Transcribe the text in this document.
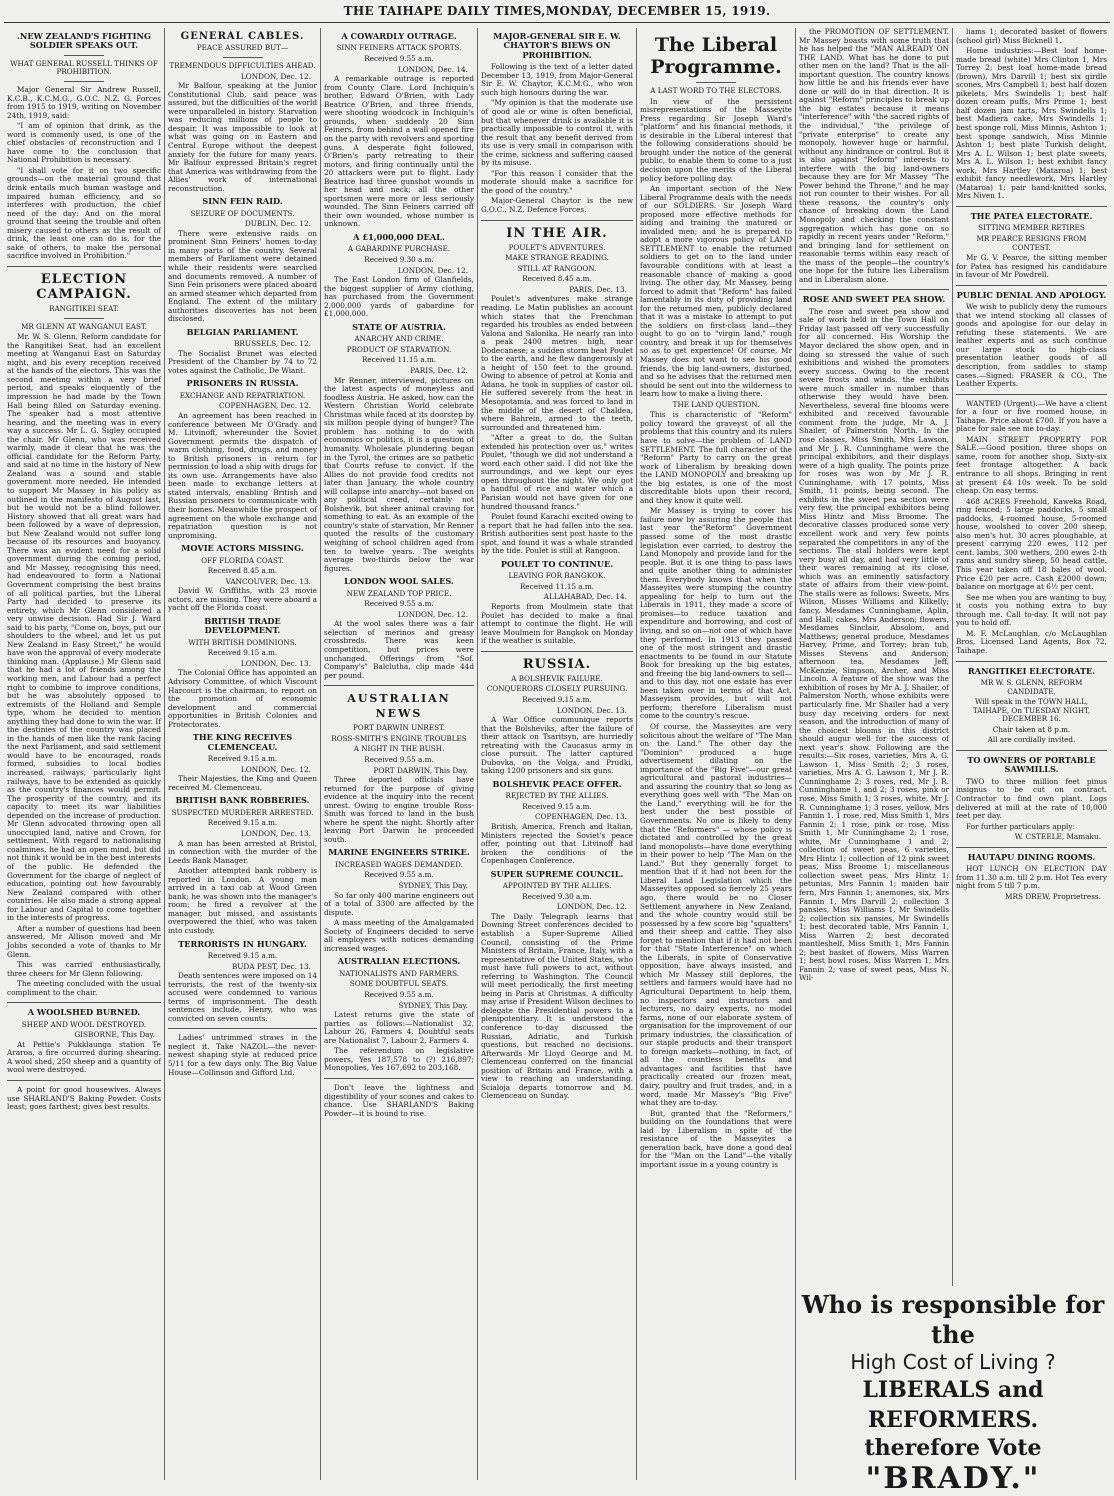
THE TAIHAPE DAILY TIMES,MONDAY, DECEMBER 15, 1919.
.NEW ZEALAND'S FIGHTING SOLDIER SPEAKS OUT.
WHAT GENERAL RUSSELL THINKS OF PROHIBITION.

Major General Sir Andrew Russell, K.C.B., K.C.M.G., G.O.C. N.Z. G. Forces from 1915 to 1919, writing on November 24th, 1919, said:

"I am of opinion that drink, as the word is commonly used, is one of the chief obstacles of reconstruction and I have come to the conclusion that National Prohibition is necessary.

"I shall vote for it on two specific grounds—on the material ground that drink entails much human wastage and impaired human efficiency, and so interferes with production, the chief need of the day: And on the moral ground that seeing the trouble and often misery caused to others as the result of drink, the least one can do is, for the sake of others, to make the personal sacrifice involved in Prohibition."

ELECTION CAMPAIGN.
RANGITIKEI SEAT.
MR GLENN AT WANGANUI EAST.

Mr. W. S. Glenn, Reform candidate for the Rangitikei Seat, had an excellent meeting at Wanganui East on Saturday night, and his every reception received at the hands of the electors. This was the second meeting within a very brief period, and speaks eloquently of the impression he had made by the Town Hall being filled on Saturday evening. The speaker had a most attentive hearing, and the meeting was in every way a success. Mr L. G. Sigley occupied the chair. Mr Glenn, who was received warmly, made it clear that he was the official candidate for the Reform Party, and said at no time in the history of New Zealand was a sound and stable government more needed. He intended to support Mr Massey in his policy as outlined in the manifesto of August last, but he would not be a blind follower. History showed that all great wars had been followed by a wave of depression, but New Zealand would not suffer long because of its resources and buoyancy. There was an evident need for a solid government during the coming period, and Mr Massey, recognising this need, had endeavoured to form a National Government comprising the best brains of all political parties, but the Liberal Party had decided to preserve its entirety, which Mr Glenn considered a very unwise decision. Had Sir J. Ward said to his party, "Come on, boys, put our shoulders to the wheel, and let us put New Zealand in Easy Street," he would have won the approval of every moderate thinking man. (Applause.) Mr Glenn said that he had a lot of friends among the working men, and Labour had a perfect right to combine to improve conditions, but he was absolutely opposed to extremists of the Holland and Semple type, whom he decided to mention anything they had done to win the war. If the destinies of the country was placed in the hands of men like the rank facing the next Parliament, and said settlement would have to be encouraged, roads formed, subsidies to local bodies increased, railways, particularly light railways, have to be extended as quickly as the country's finances would permit. The prosperity of the country, and its capacity to meet its war liabilities depended on the increase of production. Mr Glenn advocated throwing open all unoccupied land, native and Crown, for settlement. With regard to nationalising coalmines, he had an open mind, but did not think it would be in the best interests of the public. He defended the Government for the charge of neglect of education, pointing out how favourably New Zealand compared with other countries. He also made a strong appeal for Labour and Capital to come together in the interests of progress.

After a number of questions had been answered, Mr Allison moved and Mr Jobbs seconded a vote of thanks to Mr Glenn.

This was carried enthusiastically, three cheers for Mr Glenn following.

The meeting concluded with the usual compliment to the chair.

A WOOLSHED BURNED.
SHEEP AND WOOL DESTROYED.
GISBORNE, This Day.

At Pettie's Pukklaunga station Te Araroa, a fire occurred during shearing. A wool shed, 250 sheep and a quantity of wool were destroyed.

A point for good housewives. Always use SHARLAND'S Baking Powder. Costs least; goes farthest; gives best results.

GENERAL CABLES.
PEACE ASSURED BUT—
TREMENDOUS DIFFICULTIES AHEAD.
LONDON, Dec. 12.

Mr Balfour, speaking at the Junior Constitutional Club, said peace was assured, but the difficulties of the world were unparalleled in history. Starvation was reducing millions of people to despair. It was impossible to look at what was going on in Eastern and Central Europe without the deepest anxiety for the future for many years. Mr Balfour expressed Britain's regret that America was withdrawing from the Allies' work of international reconstruction.

SINN FEIN RAID.
SEIZURE OF DOCUMENTS.
DUBLIN, Dec. 12.

There were extensive raids on prominent Sinn Feiners' homes to-day in many parts of the country. Several members of Parliament were detained while their residents were searched and documents removed. A number of Sinn Fein prisoners were placed aboard an armed steamer which departed from England. The extent of the military authorities discoveries has not been disclosed.

BELGIAN PARLIAMENT.
BRUSSELS, Dec. 12.

The Socialist Brunet was elected President of the Chamber by 74 to 72 votes against the Catholic, De Wiant.

PRISONERS IN RUSSIA.
EXCHANGE AND REPATRIATION.
COPENHAGEN, Dec. 12.

An agreement has been reached in conference between Mr O'Grady and M. Litvinoff, whereunder the Soviet Government permits the dispatch of warm clothing, food, drugs, and money to British prisoners in return for permission to load a ship with drugs for its own use. Arrangements have also been made to exchange letters at stated intervals, enabling British and Russian prisoners to communicate with their homes. Meanwhile the prospect of agreement on the whole exchange and repatriation question is not unpromising.

MOVIE ACTORS MISSING.
OFF FLORIDA COAST.
Received 8.45 a.m.
VANCOUVER, Dec. 13.

David W. Griffiths, with 23 movie actors, are missing. They were aboard a yacht off the Florida coast.

BRITISH TRADE DEVELOPMENT.
WITH BRITISH DOMINIONS.
Received 9.15 a.m.
LONDON, Dec. 13.

The Colonial Office has appointed an Advisory Committee, of which Viscount Harcourt is the chairman, to report on the promotion of economic development and commercial opportunities in British Colonies and Protectorates.

THE KING RECEIVES CLEMENCEAU.
Received 9.15 a.m.
LONDON, Dec. 12.

Their Majesties, the King and Queen received M. Clemenceau.

BRITISH BANK ROBBERIES.
SUSPECTED MURDERER ARRESTED.
Received 9.15 a.m.
LONDON, Dec. 13.

A man has been arrested at Bristol, in connection with the murder of the Leeds Bank Manager.

Another attempted bank robbery is reported in London. A young man arrived in a taxi cab at Wood Green bank; he was shown into the manager's room; he fired a revolver at the manager, but missed, and assistants overpowered the thief, who was taken into custody.

TERRORISTS IN HUNGARY.
Received 9.15 a.m.
BUDA PEST, Dec. 13.

Death sentences were imposed on 14 terrorists, the rest of the twenty-six accused were condemned to various terms of imprisonment. The death sentences include, Henry, who was convicted on seven counts.

Ladies' untrimmed straws in the neglect it. Take NAZOL—the never-newest shaping style at reduced price 5/11 for a few days only. The Big Value House—Collinson and Gifford Ltd.

A COWARDLY OUTRAGE.
SINN FEINERS ATTACK SPORTS.
Received 9.55 a.m.
LONDON, Dec. 14.

A remarkable outrage is reported from County Clare. Lord Inchiquin's brother, Edward O'Brien, with Lady Beatrice O'Brien, and three friends, were shooting woodcock in Inchiquin's grounds, when suddenly 20 Sinn Feiners, from behind a wall opened fire on the party with revolvers and sporting guns. A desperate fight followed, O'Brien's party retreating to their motors, and firing continually until the 20 attackers were put to flight. Lady Beatrice had three gunshot wounds in her head and neck; all the other sportsmen were more or less seriously wounded. The Sinn Feiners carried off their own wounded, whose number is unknown.

A £1,000,000 DEAL.
A GABARDINE PURCHASE.
Received 9.30 a.m.
LONDON, Dec. 12.

The East London firm of Glanfields, the biggest supplier of Army clothing, has purchased from the Government 2,000,000 yards of gabardine for £1,000,000.

STATE OF AUSTRIA.
ANARCHY AND CRIME.
PRODUCT OF STARVATION.
Received 11.15 a.m.
PARIS, Dec. 12.

Mr Renner, interviewed, pictures on the latest aspects of moneyless and foodless Austria. He asked, how can the Western Christian World celebrate Christmas while faced at its doorstep by six million people dying of hunger? The problem has nothing to do with economics or politics, it is a question of humanity. Wholesale plundering began in the Tyrol, the crimes are so pathetic that Courts refuse to convict. If the Allies do not provide food credits not later than January, the whole country will collapse into anarchy—not based on any political creed, certainly not Bolshevik, but sheer animal craving for something to eat. As an example of the country's state of starvation, Mr Renner quoted the results of the customary weighing of school children aged from ten to twelve years. The weights average two-thirds below the war figures.

LONDON WOOL SALES.
NEW ZEALAND TOP PRICE.
Received 9.55 a.m.
LONDON, Dec. 12.

At the wool sales there was a fair selection of merinos and greasy crossbreds. There was keen competition, but prices were unchanged. Offerings from "Sof. Company's" Balclutha, clip made 44d per pound.

AUSTRALIAN NEWS
PORT DARWIN UNREST.
ROSS-SMITH'S ENGINE TROUBLES
A NIGHT IN THE BUSH.
Received 9.55 a.m.
PORT DARWIN, This Day.

Three deported officials have returned for the purpose of giving evidence at the inquiry into the recent unrest. Owing to engine trouble Ross-Smith was forced to land in the bush where he spent the night. Shortly after leaving Port Darwin he proceeded south.

MARINE ENGINEERS STRIKE.
INCREASED WAGES DEMANDED.
Received 9.55 a.m.
SYDNEY, This Day.

So far only 400 marine engineers out of a total of 3300 are affected by the dispute.

A mass meeting of the Amalgamated Society of Engineers decided to serve all employers with notices demanding increased wages.

AUSTRALIAN ELECTIONS.
NATIONALISTS AND FARMERS.
SOME DOUBTFUL SEATS.
Received 9.55 a.m.
SYDNEY, This Day.

Latest returns give the state of parties as follows:—Nationalist 32, Labour 26, Farmers 4. Doubtful seats are Nationalist 7, Labour 2, Farmers 4.

The referendum on legislative powers, Yes 187,578 to (?) 216,897; Monopolies, Yes 167,692 to 203,168.

Don't leave the lightness and digestibility of your scones and cakes to chance. Use SHARLAND'S Baking Powder—it is bound to rise.

MAJOR-GENERAL SIR E. W. CHAYTOR'S BIEWS ON PROHIBITION.

Following is the text of a letter dated December 13, 1919, from Major-General Sir E. W. Chaytor, K.C.M.G., who won such high honours during the war.

"My opinion is that the moderate use of good ale or wine is often beneficial, but that whenever drink is available it is practically impossible to control it, with the result that any benefit derived from its use is very small in comparison with the crime, sickness and suffering caused by its misuse.

"For this reason I consider that the moderate should make a sacrifice for the good of the country."

Major-General Chaytor is the new G.O.C., N.Z. Defence Forces.

IN THE AIR.
POULET'S ADVENTURES.
MAKE STRANGE READING.
STILL AT RANGOON.
Received 8.45 a.m.
PARIS, Dec. 13.

Poulet's adventures make strange reading. Le Matin publishes an account which states that the Frenchman regarded his troubles as ended between Valona and Salonika. He nearly ran into a peak 2400 metres high, near Dodecanese; a sudden storm beat Poulet to the earth, and he flew dangerously at a height of 150 feet to the ground. Owing to absence of petrol at Konia and Adana, he took in supplies of castor oil. He suffered severely from the heat in Mesopotamia, and was forced to land in the middle of the desert of Chaldea, where Bahrein, armed to the teeth, surrounded and threatened him.

"After a great to do, the Sultan extended his protection over us," writes Poulet, "though we did not understand a word each other said. I did not like the surroundings, and we kept our eyes open throughout the night. We only got a handful of rice and water which a Parisian would not have given for one hundred thousand francs."

Poulet found Karachi excited owing to a report that he had fallen into the sea. British authorities sent post haste to the spot, and found it was a whale stranded by the tide. Poulet is still at Rangoon.

POULET TO CONTINUE.
LEAVING FOR BANGKOK.
Received 11.15 a.m.
ALLAHABAD, Dec. 14.

Reports from Moulmein state that Poulet has decided to make a final attempt to continue the flight. He will leave Moulmein for Bangkok on Monday if the weather is suitable.

RUSSIA.
A BOLSHEVIK FAILURE.
CONQUERORS CLOSELY PURSUING.
Received 9.15 a.m.
LONDON, Dec. 13.

A War Office communique reports that the Bolsheviks, after the failure of their attack on Tsaritsyn, are hurriedly retreating with the Caucasus army in close pursuit. The latter captured Dubovka, on the Volga, and Prudki, taking 1200 prisoners and six guns.

BOLSHEVIK PEACE OFFER.
REJECTED BY THE ALLIES.
Received 9.15 a.m.
COPENHAGEN, Dec. 13.

British, America, French and Italian, Ministers rejected the Soviet's peace offer, pointing out that Litvinoff had broken the conditions of the Copenhagen Conference.

SUPER SUPREME COUNCIL.
APPOINTED BY THE ALLIES.
Received 9.30 a.m.
LONDON, Dec. 12.

The Daily Telegraph learns that Downing Street conferences decided to establish a Super-Supreme Allied Council, consisting of the Prime Ministers of Britain, France, Italy, with a representative of the United States, who must have full powers to act, without referring to Washington. The Council will meet periodically, the first meeting being in Paris at Christmas. A difficulty may arise if President Wilson declines to delegate the Presidential powers to a plenipotentiary. It is understood the conference to-day discussed the Russian, Adriatic, and Turkish questions, but reached no decisions. Afterwards Mr Lloyd George and M. Clemenceau conferred on the financial position of Britain and France, with a view to reaching an understanding. Scialoja departs tomorrow and M. Clemenceau on Sunday.

The Liberal Programme.
A LAST WORD TO THE ELECTORS.

In view of the persistent misrepresentations of the Masseyite Press regarding Sir Joseph Ward's "platform" and his financial methods, it is desirable in the Liberal interest that the following considerations should be brought under the notice of the general public, to enable them to come to a just decision upon the merits of the Liberal policy before polling day.

An important section of the New Liberal Programme deals with the needs of our SOLDIERS. Sir Joseph Ward proposed more effective methods for aiding and training the matured or invalided men; and he is prepared to adopt a more vigorous policy of LAND SETTLEMENT to enable the returned soldiers to get on to the land under favourable conditions with at least a reasonable chance of making a good living. The other day, Mr Massey, being forced to admit that "Reform" has failed lamentably in its duty of providing land for the returned men, publicly declared that it was a mistake to attempt to put the soldiers on first-class land—they ought to go on to "virgin land," rough country, and break it up for themselves so as to get experience! Of course, Mr Massey does not want to see his good friends, the big land-owners, disturbed, and so he advises that the returned men should be sent out into the wilderness to learn how to make a living there.

THE LAND QUESTION.

This is characteristic of "Reform" policy toward the graveyst of all the problems that this country and its rulers have to solve—the problem of LAND SETTLEMENT. The full character of the "Reform" Party to carry on the great work of Liberalism by breaking down the LAND MONOPOLY and breaking up the big estates, is one of the most discreditable blots upon their record, and they know it quite well.

Mr Massey is trying to cover his failure now by assuring the people that last year the"Reform" Government passed some of the most drastic legislation ever carried, to destroy the Land Monopoly and provide land for the people. But it is one thing to pass laws and quite another thing to administer them. Everybody knows that when the Masseyites were stumping the country appealing for help to turn out the Liberals in 1911, they made a score of promises—to reduce taxation and expenditure and borrowing, and cost of living, and so on—not one of which have they performed. In 1913 they passed one of the most stringent and drastic enactments to be found in our Statute Book for breaking up the big estates, and freeing the big land-owners to sell—and to this day, not one estate has ever been taken over in terms of that Act. Masseyism provides, but will not perform; therefore Liberalism must come to the country's rescue.

Of course, the Masseyites are very solicitous about the welfare of "The Man on the Land." The other day the "Dominion" produced a huge advertisement dilating on the importance of the "Big Five"—our great agricultural and pastoral industries—and assuring the country that so long as everything goes well with "The Man on the Land," everything will be for the best under the best possible of Governments. No one is likely to deny that the "Reformers" — whose policy is dictated and controlled by the great land monopolists—have done everything in their power to help "The Man on the Land." But they generally forget to mention that if it had not been for the Liberal Land Legislation which the Masseyites opposed so fiercely 25 years ago, there would be no Closer Settlement anywhere in New Zealand, and the whole country would still be possessed by a few score big "squatters" and their sheep and cattle. They also forget to mention that if it had not been for that "State Interference" on which the Liberals, in spite of Conservative opposition, have always insisted, and which Mr Massey still deplores, the settlers and farmers would have had no Agricultural Department to help them, no inspectors and instructors and lecturers, no dairy experts, no model farms, none of our elaborate system of organisation for the improvement of our primary industries, the classification of our staple products and their transport to foreign markets—nothing, in fact, of all the countless benefits and advantages and facilities that have practically created our frozen meat, dairy, poultry and fruit trades, and, in a word, made Mr Massey's "Big Five" what they are to-day.

But, granted that the "Reformers," building on the foundations that were laid by Liberalism in spite of the resistance of the Masseyites a generation back, have done a good deal for the "Man on the Land"—the vitally important issue in a young country is

the PROMOTION OF SETTLEMENT. Mr Massey boasts with some truth that he has helped the "MAN ALREADY ON THE LAND. What has he done to put other men on the land? That is the all-important question. The country knows how little he and his friends ever have done or will do in that direction. It is against "Reform" principles to break up the big estates because it means "interference" with "the sacred rights of the individual," "the privilege of "private enterprise" to create any monopoly, however huge or harmful, without any hindrance or control. But it is also against "Reform" interests to interfere with the big land-owners because they are for Mr Massey "The Power behind the Throne," and he may not run counter to their wishes. For all these reasons, the country's only chance of breaking down the Land Monopoly and checking the constant aggregation which has gone on so rapidly in recent years under "Reform," and bringing land for settlement on reasonable terms within easy reach of the mass of the people—the country's one hope for the future lies Liberalism and in Liberalism alone.

ROSE AND SWEET PEA SHOW.

The rose and sweet pea show and sale of work held in the Town Hall on Friday last passed off very successfully for all concerned. His Worship the Mayor declared the show open, and in doing so stressed the value of such exhibitions and wished the promoters every success. Owing to the recent severe frosts and winds, the exhibits were much smaller in number than otherwise they would have been. Nevertheless, several fine blooms were exhibited and received favourable comment from the judge, Mr A. J. Shailer, of Palmerston North. In the rose classes, Miss Smith, Mrs Lawson, and Mr J. R. Cunninghame were the principal exhibitors, and their displays were of a high quality. The points prize for roses was won by Mr J. R. Cunninghame, with 17 points, Miss Smith, 11 points, being second. The exhibits in the sweet pea section were very few, the principal exhibitors being Miss Hintz and Miss Broome. The decorative classes produced some very excellent work and very few points separated the competitors in any of the sections. The stall holders were kept very busy all day, and had very little of their wares remaining at its close, which was an eminently satisfactory state of affairs from their view-point. The stalls were as follows: Sweets, Mrs Wilson, Misses Williams and Kilkelly; fancy, Mesdames Cunninghame, Aplin, and Hall; cakes, Mrs Anderson; flowers, Mesdames Sinclair, Absolom, and Matthews; general produce, Mesdames Harvey, Prime, and Torrey; bran tub, Misses Stevens and Anderson; afternoon tea, Mesdames Jeff, McKenzie, Simpson, Archer, and Miss Lincoln. A feature of the show was the exhibition of roses by Mr A. J. Shailer, of Palmerston North, whose exhibits were particularly fine. Mr Shailer had a very busy day receiving orders for next season, and the introduction of many of the choicest blooms in this district should augur well for the success of next year's show. Following are the results:—Six roses, varieties, Mrs A. G. Lawson 1, Miss Smith 2; 3 roses, varieties, Mrs A. G. Lawson 1, Mr J. R. Cunninghame 2; 3 roses, red, Mr J. R. Cunninghame 1, and 2; 3 roses, pink or rose, Miss Smith 1; 3 roses, white, Mr J. R. Cunninghame 1; 3 roses, yellow, Mrs Fannin 1. 1 rose, red, Miss Smith 1, Mrs Fannin 2; 1 rose, pink or rose, Miss Smith 1, Mr Cunninghame 2; 1 rose, white, Mr Cunninghame 1 and 2; collection of sweet peas, 6 varieties, Mrs Hintz 1; collection of 12 pink sweet peas, Miss Broome 1; miscellaneous collection sweet peas, Mrs Hintz 1; petunias, Mrs Fannin 1; maiden hair fern, Mrs Fannin 1; anemones, six, Mrs Fannin 1, Mrs Darvill 2; collection 3 pansies, Miss Williams 1, Mr Swindells 2; collection six pansies, Mr Swindells 1; best decorated table, Mrs Fannin 1, Miss Warren 2; best decorated mantleshelf, Miss Smith 1, Mrs Fannin 2; best basket of flowers, Miss Warren 1; best bowl roses, Miss Warren 1, Mrs Fannin 2; vase of sweet peas, Miss N. Wil-

liams 1; decorated basket of flowers (school girl) Miss Bicknell 1.

Home industries:—Best loaf home-made bread (white) Mrs Clinton 1, Mrs Torrey 2; best loaf home-made bread (brown), Mrs Darvill 1; best six girdle scones, Mrs Campbell 1; best half dozen pikelets, Mrs Swindells 1; best half dozen cream puffs, Mrs Prime 1; best half dozen jam tarts, Mrs Swindells 1; best Madiera cake, Mrs Swindells 1; best sponge roll, Miss Minnis, Ashton 1; best sponge sandwich, Miss Minnie Ashton 1; best plate Turkish delight, Mrs A. L. Wilson 1; best plate sweets, Mrs A. L. Wilson 1; best exhibit fancy work, Mrs Hartley (Mataroa) 1; best exhibit fancy needlework, Mrs Hartley (Mataroa) 1; pair hand-knitted socks, Mrs Niven 1.

THE PATEA ELECTORATE.
SITTING MEMBER RETIRES
MR PEARCE RESIGNS FROM CONTEST.

Mr G. V. Pearce, the sitting member for Patea has resigned his candidature in favour of Mr Powdrell.

PUBLIC DENIAL AND APOLOGY.

We wish to publicly deny the rumours that we intend stocking all classes of goods and apologise for our delay in refuting these statements. We are leather experts and as such continue our large stock to high-class presentation leather goods of all description, from saddles to stamp cases.—Signed: FRASER & CO., The Leather Experts.

WANTED (Urgent).—We have a client for a four or five roomed house, in Taihape. Price about £700. If you have a place for sale see me to-day.

MAIN STREET PROPERTY FOR SALE.—Good position, three shops on same, room for another shop. Sixty-six feet frontage altogether. A back entrance to all shops. Bringing in rent at present £4 10s week. To be sold cheap. On easy terms.

468 ACRES Freehold, Kaweka Road, ring fenced; 5 large paddocks, 5 small paddocks, 4-roomed house, 5-roomed house, woolshed to cover 200 sheep, also men's hut. 30 acres ploughable, at present carrying 220 ewes, 112 per cent. lambs, 300 wethers, 200 ewes 2-th rams and sundry sheep, 50 head cattle. This year taken off 18 bales of wool. Price £20 per acre. Cash £2000 down; balance on mortgage at 6½ per cent.

See me when you are wanting to buy, it costs you nothing extra to buy through me. Call to-day. It will not pay you to hold off.

M. F. McLaughlan, c/o McLaughlan Bros, Licensed Land Agents, Box 72, Taihape.

RANGITIKEI ELECTORATE.
MR W. S. GLENN, REFORM CANDIDATE,
Will speak in the TOWN HALL, TAIHAPE, On TUESDAY NIGHT, DECEMBER 16.
Chair taken at 8 p.m.
All are cordially invited.
TO OWNERS OF PORTABLE SAWMILLS.

TWO to three million feet pinus insignus to be cut on contract. Contractor to find own plant. Logs delivered at mill at the rate of 10,000 feet per day.

For further particulars apply:

W. CSTEELE, Mamaku.
HAUTAPU DINING ROOMS.

HOT LUNCH ON ELECTION DAY from 11.30 a.m. till 2 p.m. Hot Tea every night from 5 till 7 p.m.

MRS DREW, Proprietress.
Who is responsible for the
High Cost of Living ?
LIBERALS and REFORMERS.
therefore Vote
"BRADY."
